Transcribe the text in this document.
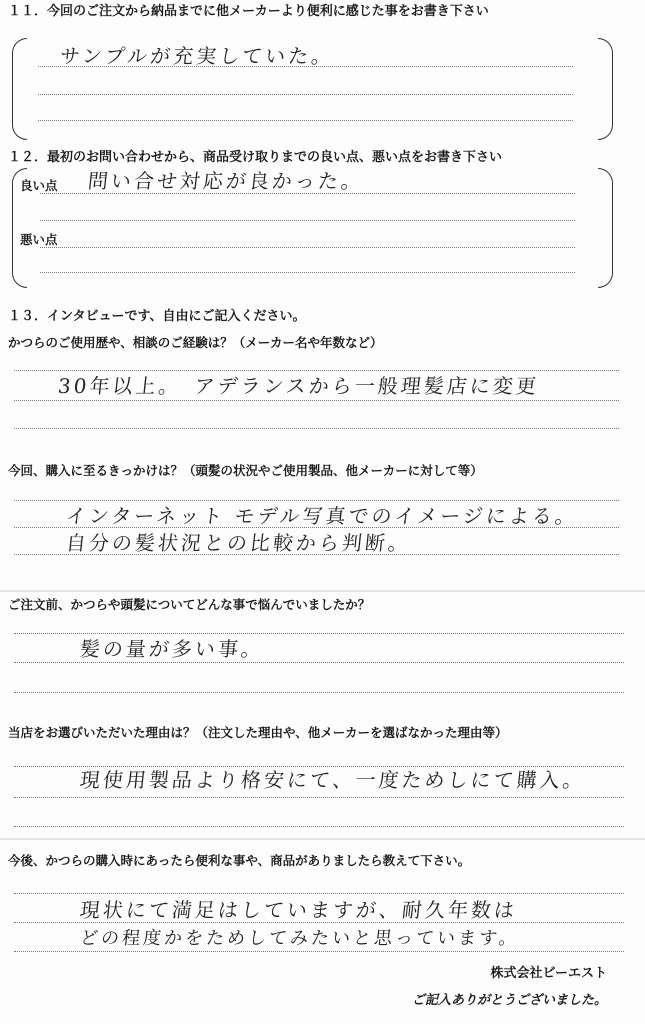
１１．今回のご注文から納品までに他メーカーより便利に感じた事をお書き下さい
サンプルが充実していた。
１２．最初のお問い合わせから、商品受け取りまでの良い点、悪い点をお書き下さい
良い点 問い合せ対応が良かった。
悪い点
１３．インタビューです、自由にご記入ください。
かつらのご使用歴や、相談のご経験は？（メーカー名や年数など）
30年以上。　アデランスから一般理髪店に変更
今回、購入に至るきっかけは？（頭髪の状況やご使用製品、他メーカーに対して等）
インターネット モデル写真でのイメージによる。
自分の髪状況との比較から判断。
ご注文前、かつらや頭髪についてどんな事で悩んでいましたか？
髪の量が多い事。
当店をお選びいただいた理由は？（注文した理由や、他メーカーを選ばなかった理由等）
現使用製品より格安にて、一度ためしにて購入。
今後、かつらの購入時にあったら便利な事や、商品がありましたら教えて下さい。
現状にて満足はしていますが、耐久年数は
どの程度かをためしてみたいと思っています。
株式会社ビーエスト
ご記入ありがとうございました。
